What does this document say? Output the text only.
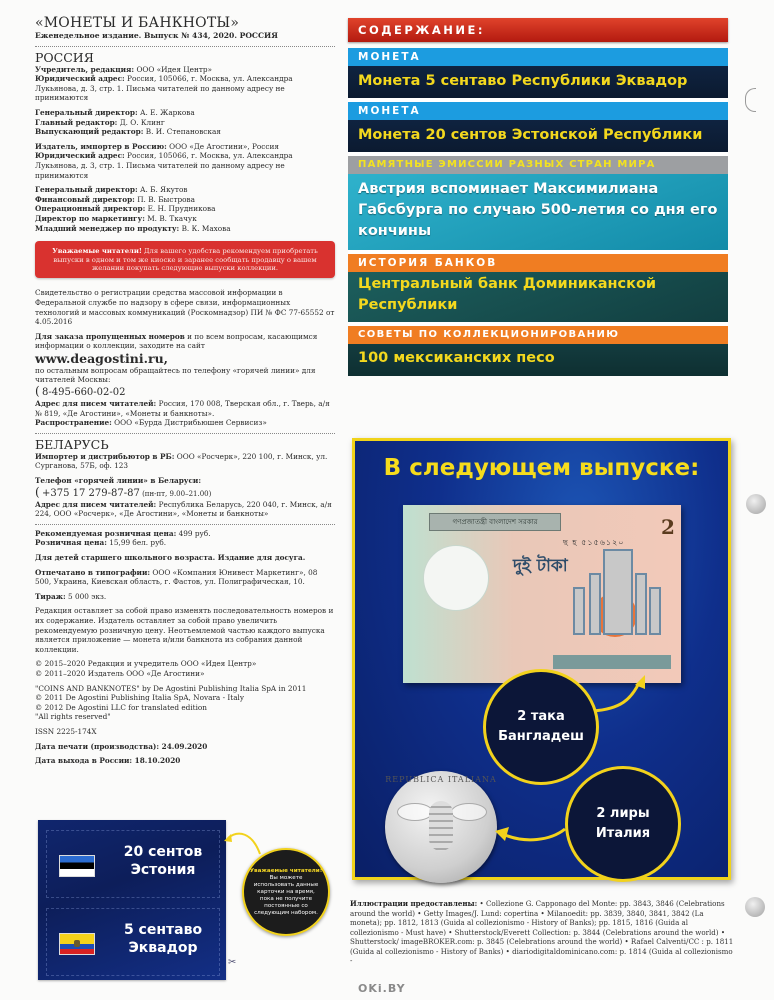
«МОНЕТЫ И БАНКНОТЫ»

Еженедельное издание. Выпуск № 434, 2020. РОССИЯ

РОССИЯ

Учредитель, редакция: ООО «Идея Центр»

Юридический адрес: Россия, 105066, г. Москва, ул. Александра Лукьянова, д. 3, стр. 1. Письма читателей по данному адресу не принимаются

Генеральный директор: А. Е. Жаркова

Главный редактор: Д. О. Клинг

Выпускающий редактор: В. И. Степановская

Издатель, импортер в Россию: ООО «Де Агостини», Россия

Юридический адрес: Россия, 105066, г. Москва, ул. Александра Лукьянова, д. 3, стр. 1. Письма читателей по данному адресу не принимаются

Генеральный директор: А. Б. Якутов

Финансовый директор: П. В. Быстрова

Операционный директор: Е. Н. Прудникова

Директор по маркетингу: М. В. Ткачук

Младший менеджер по продукту: В. К. Махова

Уважаемые читатели! Для вашего удобства рекомендуем приобретать выпуски в одном и том же киоске и заранее сообщать продавцу о вашем желании покупать следующие выпуски коллекции.

Свидетельство о регистрации средства массовой информации в Федеральной службе по надзору в сфере связи, информационных технологий и массовых коммуникаций (Роскомнадзор) ПИ № ФС 77-65552 от 4.05.2016

Для заказа пропущенных номеров и по всем вопросам, касающимся информации о коллекции, заходите на сайт

www.deagostini.ru,

по остальным вопросам обращайтесь по телефону «горячей линии» для читателей Москвы:

( 8-495-660-02-02

Адрес для писем читателей: Россия, 170 008, Тверская обл., г. Тверь, а/я № 819, «Де Агостини», «Монеты и банкноты».

Распространение: ООО «Бурда Дистрибьюшен Сервисиз»

БЕЛАРУСЬ

Импортер и дистрибьютор в РБ: ООО «Росчерк», 220 100, г. Минск, ул. Сурганова, 57Б, оф. 123

Телефон «горячей линии» в Беларуси:

( +375 17 279-87-87 (пн-пт, 9.00–21.00)

Адрес для писем читателей: Республика Беларусь, 220 040, г. Минск, а/я 224, ООО «Росчерк», «Де Агостини», «Монеты и банкноты»

Рекомендуемая розничная цена: 499 руб.

Розничная цена: 15,99 бел. руб.

Для детей старшего школьного возраста. Издание для досуга.

Отпечатано в типографии: ООО «Компания Юнивест Маркетинг», 08 500, Украина, Киевская область, г. Фастов, ул. Полиграфическая, 10.

Тираж: 5 000 экз.

Редакция оставляет за собой право изменять последовательность номеров и их содержание. Издатель оставляет за собой право увеличить рекомендуемую розничную цену. Неотъемлемой частью каждого выпуска является приложение — монета и/или банкнота из собрания данной коллекции.

© 2015–2020 Редакция и учредитель ООО «Идея Центр»

© 2011–2020 Издатель ООО «Де Агостини»

"COINS AND BANKNOTES" by De Agostini Publishing Italia SpA in 2011

© 2011 De Agostini Publishing Italia SpA, Novara - Italy

© 2012 De Agostini LLC for translated edition

"All rights reserved"

ISSN 2225-174X

Дата печати (производства): 24.09.2020

Дата выхода в России: 18.10.2020

20 сентов
Эстония
5 сентаво
Эквадор
Уважаемые читатели!
Вы можете использовать данные карточки на время, пока не получите постоянные со следующим набором.
✂
СОДЕРЖАНИЕ:
МОНЕТА
Монета 5 сентаво Республики Эквадор
МОНЕТА
Монета 20 сентов Эстонской Республики
ПАМЯТНЫЕ ЭМИССИИ РАЗНЫХ СТРАН МИРА
Австрия вспоминает Максимилиана Габсбурга по случаю 500-летия со дня его кончины
ИСТОРИЯ БАНКОВ
Центральный банк Доминиканской Республики
СОВЕТЫ ПО КОЛЛЕКЦИОНИРОВАНИЮ
100 мексиканских песо
В следующем выпуске:
গণপ্রজাতন্ত্রী বাংলাদেশ সরকার
ছ হ ৫১৫৬১২০
2
দুই টাকা
2 така
Бангладеш
REPUBLICA ITALIANA
2 лиры
Италия
Иллюстрации предоставлены: • Collezione G. Capponago del Monte: pp. 3843, 3846 (Celebrations around the world) • Getty Images/J. Lund: copertina • Milanoedit: pp. 3839, 3840, 3841, 3842 (La moneta); pp. 1812, 1813 (Guida al collezionismo - History of Banks); pp. 1815, 1816 (Guida al collezionismo - Must have) • Shutterstock/Everett Collection: p. 3844 (Celebrations around the world) • Shutterstock/ imageBROKER.com: p. 3845 (Celebrations around the world) • Rafael Calventi/CC : p. 1811 (Guida al collezionismo - History of Banks) • diariodigitaldominicano.com: p. 1814 (Guida al collezionismo -
OKi.BY
